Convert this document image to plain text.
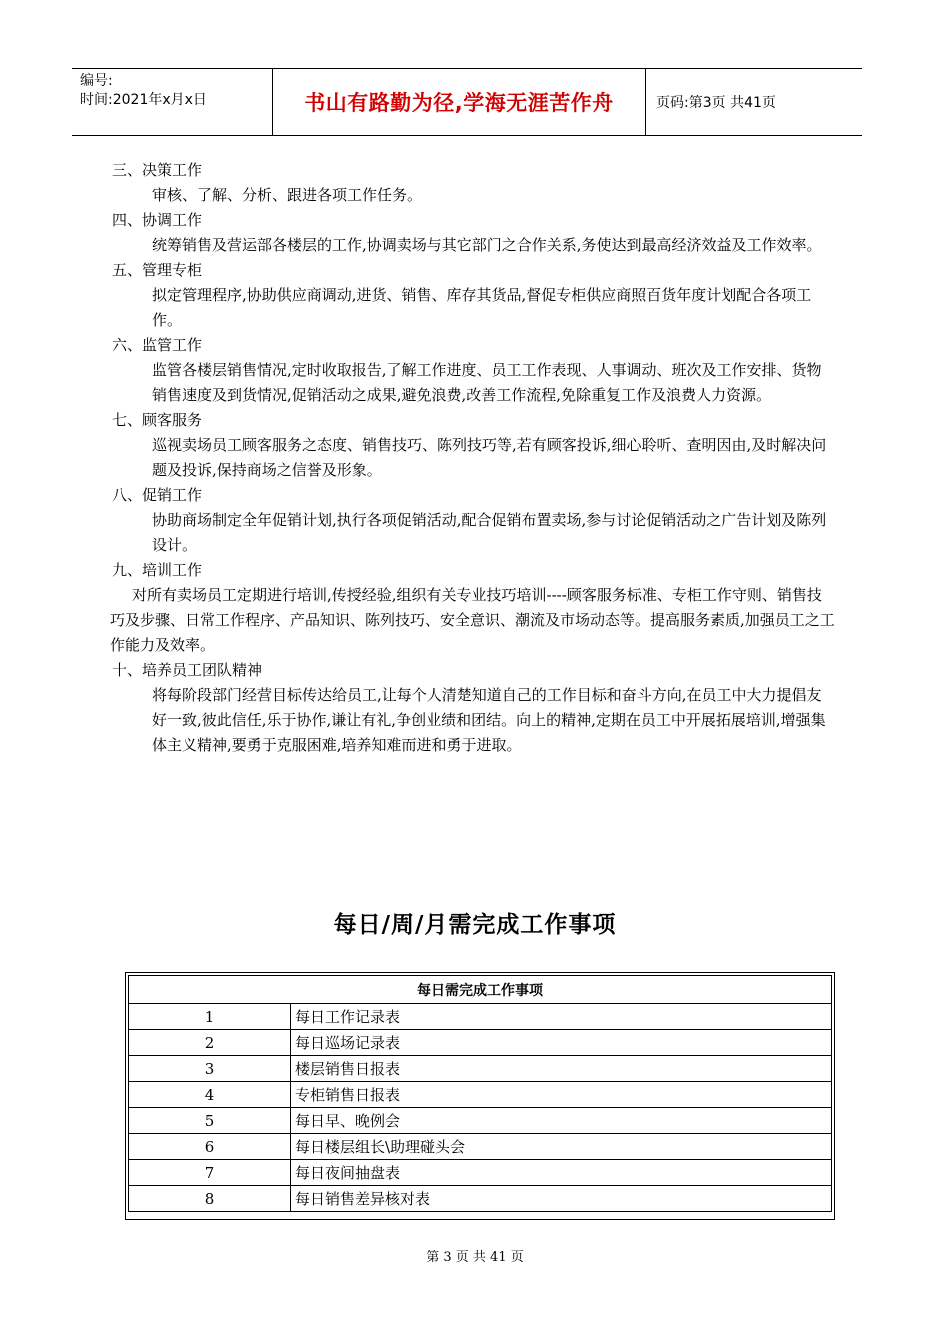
编号:
时间:2021年x月x日	书山有路勤为径,学海无涯苦作舟	页码:第3页 共41页
三、决策工作
审核、了解、分析、跟进各项工作任务。
四、协调工作
统筹销售及营运部各楼层的工作,协调卖场与其它部门之合作关系,务使达到最高经济效益及工作效率。
五、管理专柜
拟定管理程序,协助供应商调动,进货、销售、库存其货品,督促专柜供应商照百货年度计划配合各项工作。
六、监管工作
监管各楼层销售情况,定时收取报告,了解工作进度、员工工作表现、人事调动、班次及工作安排、货物销售速度及到货情况,促销活动之成果,避免浪费,改善工作流程,免除重复工作及浪费人力资源。
七、顾客服务
巡视卖场员工顾客服务之态度、销售技巧、陈列技巧等,若有顾客投诉,细心聆听、查明因由,及时解决问题及投诉,保持商场之信誉及形象。
八、促销工作
协助商场制定全年促销计划,执行各项促销活动,配合促销布置卖场,参与讨论促销活动之广告计划及陈列设计。
九、培训工作
对所有卖场员工定期进行培训,传授经验,组织有关专业技巧培训----顾客服务标准、专柜工作守则、销售技巧及步骤、日常工作程序、产品知识、陈列技巧、安全意识、潮流及市场动态等。提高服务素质,加强员工之工作能力及效率。
十、培养员工团队精神
将每阶段部门经营目标传达给员工,让每个人清楚知道自己的工作目标和奋斗方向,在员工中大力提倡友好一致,彼此信任,乐于协作,谦让有礼,争创业绩和团结。向上的精神,定期在员工中开展拓展培训,增强集体主义精神,要勇于克服困难,培养知难而进和勇于进取。
每日/周/月需完成工作事项
每日需完成工作事项	
1	每日工作记录表
2	每日巡场记录表
3	楼层销售日报表
4	专柜销售日报表
5	每日早、晚例会
6	每日楼层组长\助理碰头会
7	每日夜间抽盘表
8	每日销售差异核对表
第 3 页 共 41 页
